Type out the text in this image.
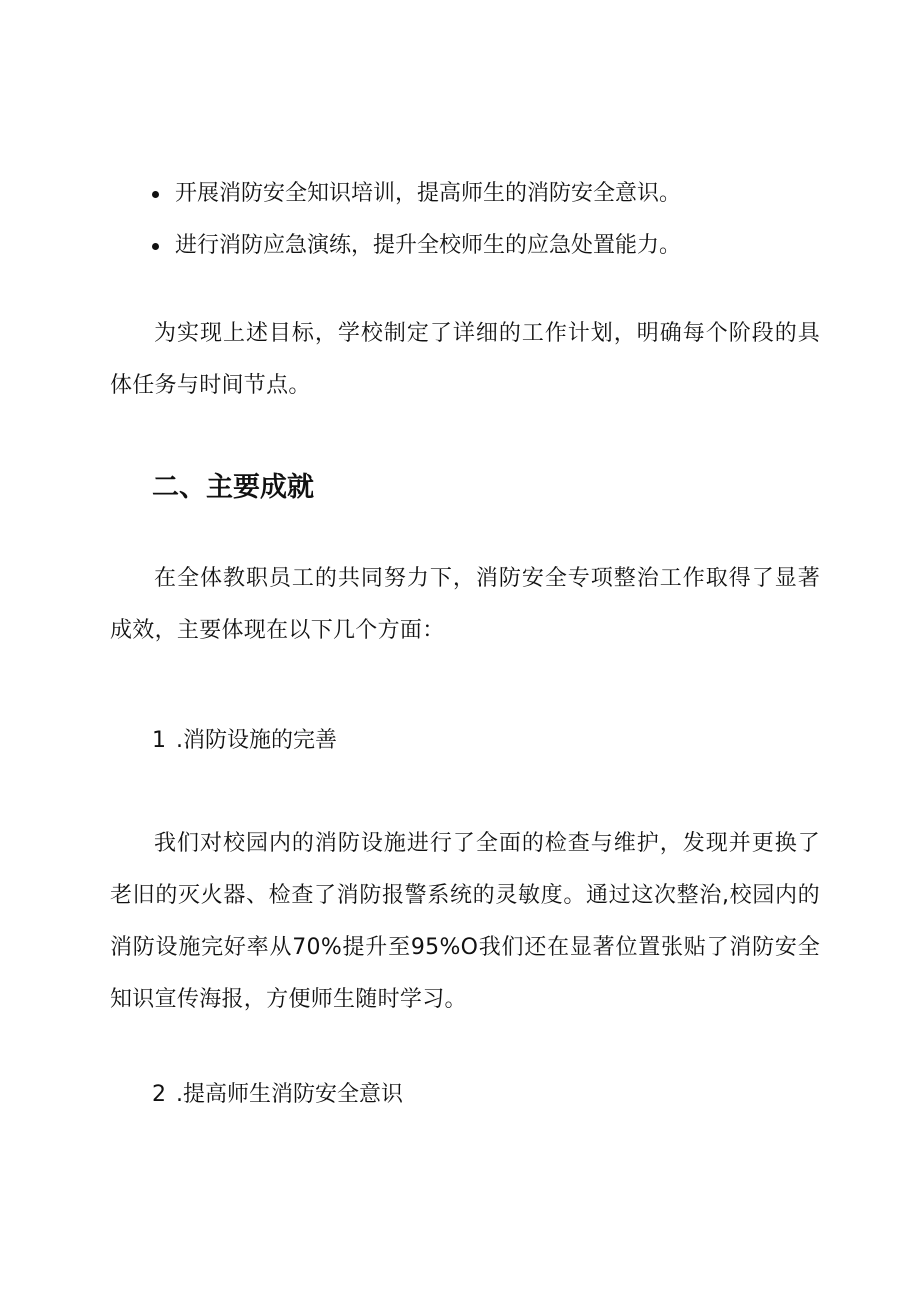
开展消防安全知识培训，提高师生的消防安全意识。
进行消防应急演练，提升全校师生的应急处置能力。

为实现上述目标，学校制定了详细的工作计划，明确每个阶段的具体任务与时间节点。

二、主要成就

在全体教职员工的共同努力下，消防安全专项整治工作取得了显著成效，主要体现在以下几个方面：

1 .消防设施的完善

我们对校园内的消防设施进行了全面的检查与维护，发现并更换了老旧的灭火器、检查了消防报警系统的灵敏度。通过这次整治,校园内的消防设施完好率从70%提升至95%O我们还在显著位置张贴了消防安全知识宣传海报，方便师生随时学习。

2 .提高师生消防安全意识
